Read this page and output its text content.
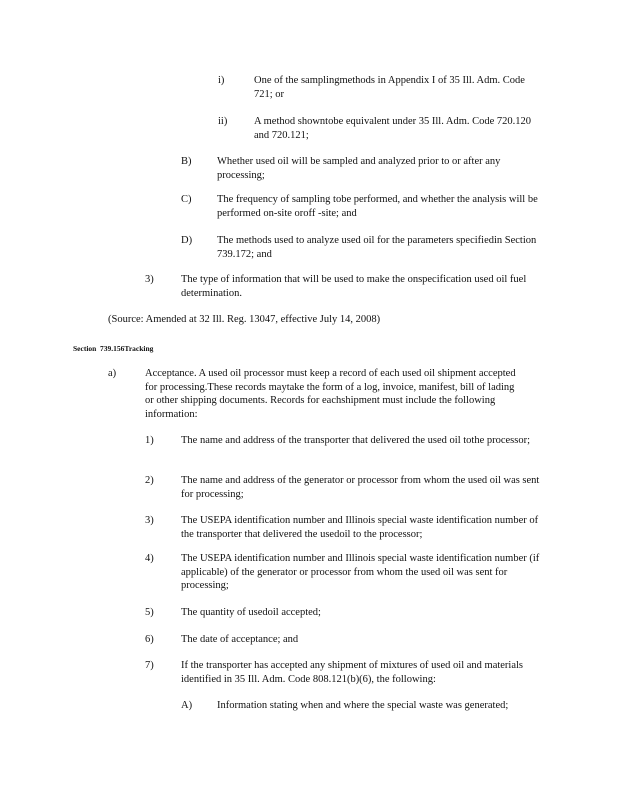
i)	One of the samplingmethods in Appendix I of 35 Ill. Adm. Code 721; or
ii)	A method showntobe equivalent under 35 Ill. Adm. Code 720.120 and 720.121;
B) Whether used oil will be sampled and analyzed prior to or after any processing;
C) The frequency of sampling tobe performed, and whether the analysis will be performed on-site oroff -site; and
D) The methods used to analyze used oil for the parameters specifiedin Section 739.172; and
3)	The type of information that will be used to make the onspecification used oil fuel determination.
(Source: Amended at 32 Ill. Reg. 13047, effective July 14, 2008)
Section 739.156Tracking
a)	Acceptance. A used oil processor must keep a record of each used oil shipment accepted for processing.These records maytake the form of a log, invoice, manifest, bill of lading or other shipping documents. Records for eachshipment must include the following information:
1)	The name and address of the transporter that delivered the used oil tothe processor;
2)	The name and address of the generator or processor from whom the used oil was sent for processing;
3)	The USEPA identification number and Illinois special waste identification number of the transporter that delivered the usedoil to the processor;
4)	The USEPA identification number and Illinois special waste identification number (if applicable) of the generator or processor from whom the used oil was sent for processing;
5)	The quantity of usedoil accepted;
6)	The date of acceptance; and
7)	If the transporter has accepted any shipment of mixtures of used oil and materials identified in 35 Ill. Adm. Code 808.121(b)(6), the following:
A) Information stating when and where the special waste was generated;
